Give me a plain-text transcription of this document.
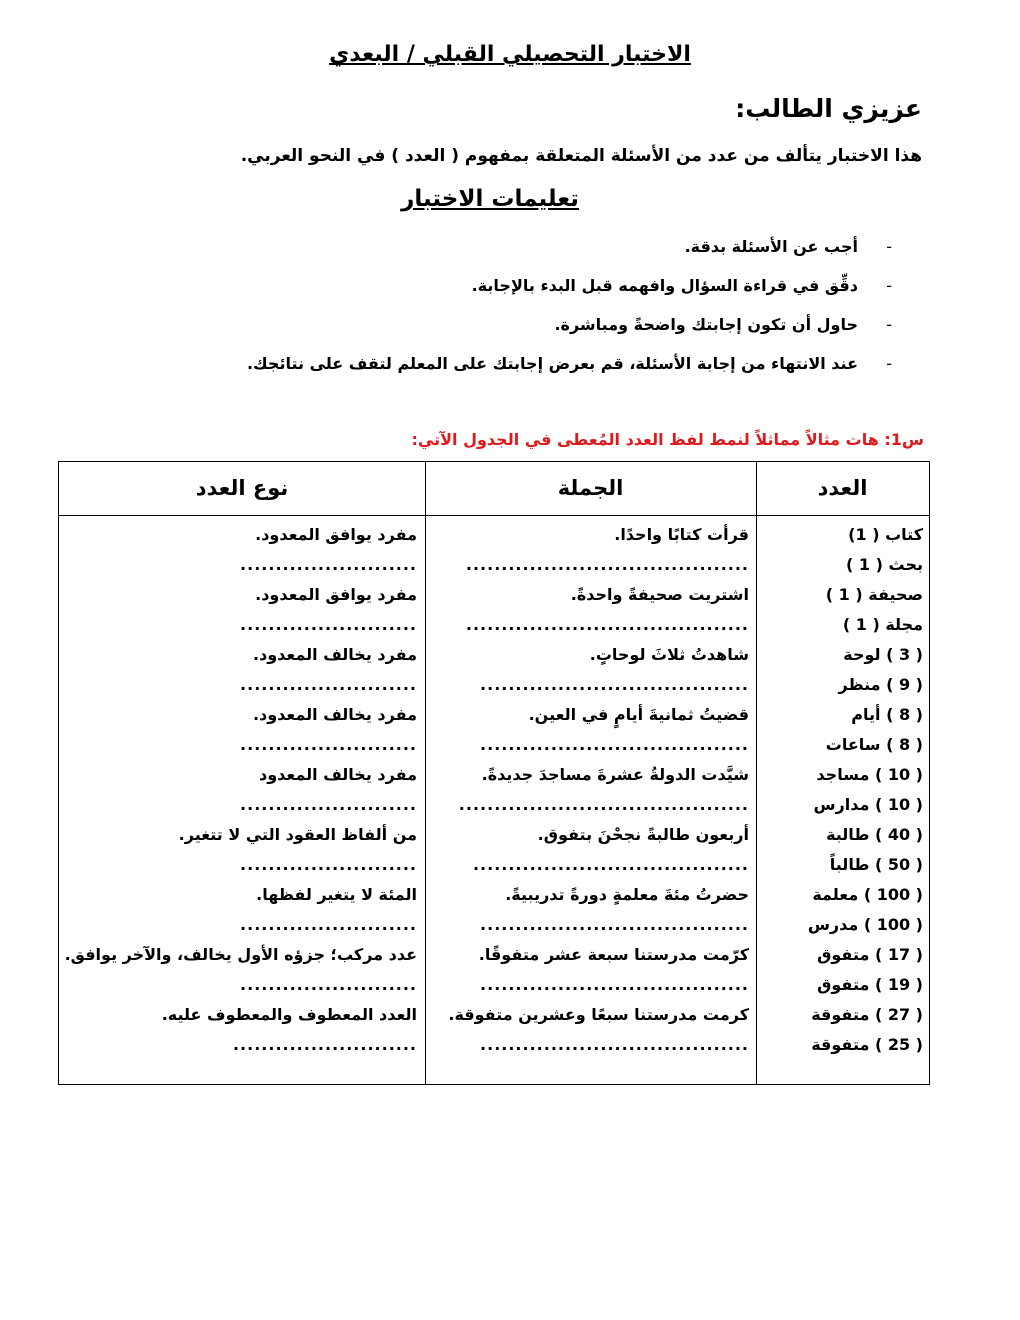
الاختبار التحصيلي القبلي / البعدي
عزيزي الطالب:
هذا الاختبار يتألف من عدد من الأسئلة المتعلقة بمفهوم ( العدد ) في النحو العربي.
تعليمات الاختبار
-أجب عن الأسئلة بدقة.
-دقِّق في قراءة السؤال وافهمه قبل البدء بالإجابة.
-حاول أن تكون إجابتك واضحةً ومباشرة.
-عند الانتهاء من إجابة الأسئلة، قم بعرض إجابتك على المعلم لتقف على نتائجك.
س1: هات مثالاً مماثلاً لنمط لفظ العدد المُعطى في الجدول الآتي:
نوع العدد	الجملة	العدد
كتاب ( 1)
بحث ( 1 )
صحيفة ( 1 )
مجلة ( 1 )
( 3 ) لوحة
( 9 ) منظر
( 8 ) أيام
( 8 ) ساعات
( 10 ) مساجد
( 10 ) مدارس
( 40 ) طالبة
( 50 ) طالباً
( 100 ) معلمة
( 100 ) مدرس
( 17 ) متفوق
( 19 ) متفوق
( 27 ) متفوقة
( 25 ) متفوقة
قرأت كتابًا واحدًا.
........................................
اشتريت صحيفةً واحدةً.
........................................
شاهدتُ ثلاثَ لوحاتٍ.
......................................
قضيتُ ثمانيةَ أيامٍ في العين.
......................................
شيَّدت الدولةُ عشرةَ مساجدَ جديدةً.
.........................................
أربعون طالبةً نجحْنَ بتفوق.
.......................................
حضرتُ مئةَ معلمةٍ دورةً تدريبيةً.
......................................
كرّمت مدرستنا سبعة عشر متفوقًا.
......................................
كرمت مدرستنا سبعًا وعشرين متفوقة.
......................................
مفرد يوافق المعدود.
.........................
مفرد يوافق المعدود.
.........................
مفرد يخالف المعدود.
.........................
مفرد يخالف المعدود.
.........................
مفرد يخالف المعدود
.........................
من ألفاظ العقود التي لا تتغير.
.........................
المئة لا يتغير لفظها.
.........................
عدد مركب؛ جزؤه الأول يخالف، والآخر يوافق.
.........................
العدد المعطوف والمعطوف عليه.
..........................
